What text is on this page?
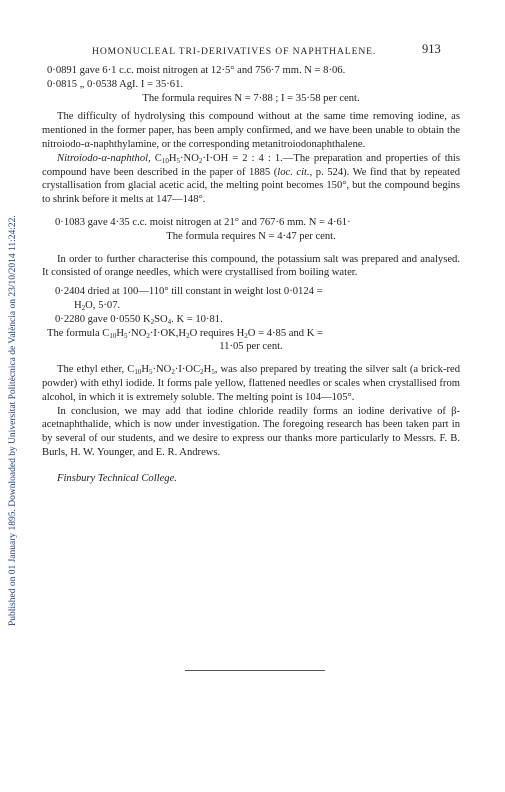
Published on 01 January 1895. Downloaded by Universitat Politècnica de València on 23/10/2014 11:24:22.
HOMONUCLEAL TRI-DERIVATIVES OF NAPHTHALENE.	913
0·0891 gave 6·1 c.c. moist nitrogen at 12·5° and 756·7 mm. N = 8·06.
0·0815 „ 0·0538 AgI. I = 35·61.
The formula requires N = 7·88 ; I = 35·58 per cent.

The difficulty of hydrolysing this compound without at the same time removing iodine, as mentioned in the former paper, has been amply confirmed, and we have been unable to obtain the nitroiodo-α-naphthylamine, or the corresponding metanitroiodonaphthalene.

Nitroiodo-α-naphthol, $C_{10}H_5\cdot NO_2\cdot I\cdot OH = 2$ : 4 : 1.—The preparation and properties of this compound have been described in the paper of 1885 (loc. cit., p. 524). We find that by repeated crystallisation from glacial acetic acid, the melting point becomes 150°, but the compound begins to shrink before it melts at 147—148°.

0·1083 gave 4·35 c.c. moist nitrogen at 21° and 767·6 mm. N = 4·61·
The formula requires N = 4·47 per cent.

In order to further characterise this compound, the potassium salt was prepared and analysed. It consisted of orange needles, which were crystallised from boiling water.

0·2404 dried at 100—110° till constant in weight lost 0·0124 =
$H_2O$, 5·07.
0·2280 gave 0·0550 $K_2SO_4$. K = 10·81.
The formula $C_{10}H_5\cdot NO_2\cdot I\cdot OK,H_2O$ requires $H_2O = 4\cdot 85$ and K =
11·05 per cent.

The ethyl ether, $C_{10}H_5\cdot NO_2\cdot I\cdot OC_2H_5$, was also prepared by treating the silver salt (a brick-red powder) with ethyl iodide. It forms pale yellow, flattened needles or scales when crystallised from alcohol, in which it is extremely soluble. The melting point is 104—105°.

In conclusion, we may add that iodine chloride readily forms an iodine derivative of β-acetnaphthalide, which is now under investigation. The foregoing research has been taken part in by several of our students, and we desire to express our thanks more particularly to Messrs. F. B. Burls, H. W. Younger, and E. R. Andrews.

Finsbury Technical College.
